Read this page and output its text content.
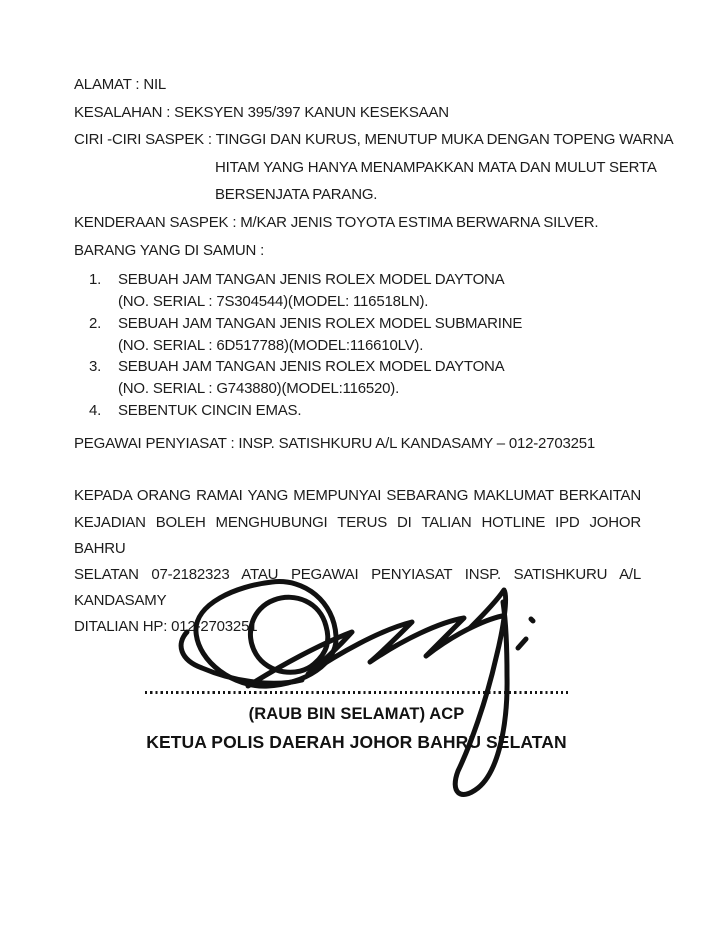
ALAMAT : NIL
KESALAHAN : SEKSYEN 395/397 KANUN KESEKSAAN
CIRI -CIRI SASPEK : TINGGI DAN KURUS, MENUTUP MUKA DENGAN TOPENG WARNA
HITAM YANG HANYA MENAMPAKKAN MATA DAN MULUT SERTA
BERSENJATA PARANG.
KENDERAAN SASPEK : M/KAR JENIS TOYOTA ESTIMA BERWARNA SILVER.
BARANG YANG DI SAMUN :
1.	SEBUAH JAM TANGAN JENIS ROLEX MODEL DAYTONA
(NO. SERIAL : 7S304544)(MODEL: 116518LN).
2.	SEBUAH JAM TANGAN JENIS ROLEX MODEL SUBMARINE
(NO. SERIAL : 6D517788)(MODEL:116610LV).
3.	SEBUAH JAM TANGAN JENIS ROLEX MODEL DAYTONA
(NO. SERIAL : G743880)(MODEL:116520).
4.	SEBENTUK CINCIN EMAS.
PEGAWAI PENYIASAT : INSP. SATISHKURU A/L KANDASAMY – 012-2703251
KEPADA ORANG RAMAI YANG MEMPUNYAI SEBARANG MAKLUMAT BERKAITAN
KEJADIAN BOLEH MENGHUBUNGI TERUS DI TALIAN HOTLINE IPD JOHOR BAHRU
SELATAN 07-2182323 ATAU PEGAWAI PENYIASAT INSP. SATISHKURU A/L KANDASAMY
DITALIAN HP: 012-2703251
(RAUB BIN SELAMAT) ACP
KETUA POLIS DAERAH JOHOR BAHRU SELATAN
